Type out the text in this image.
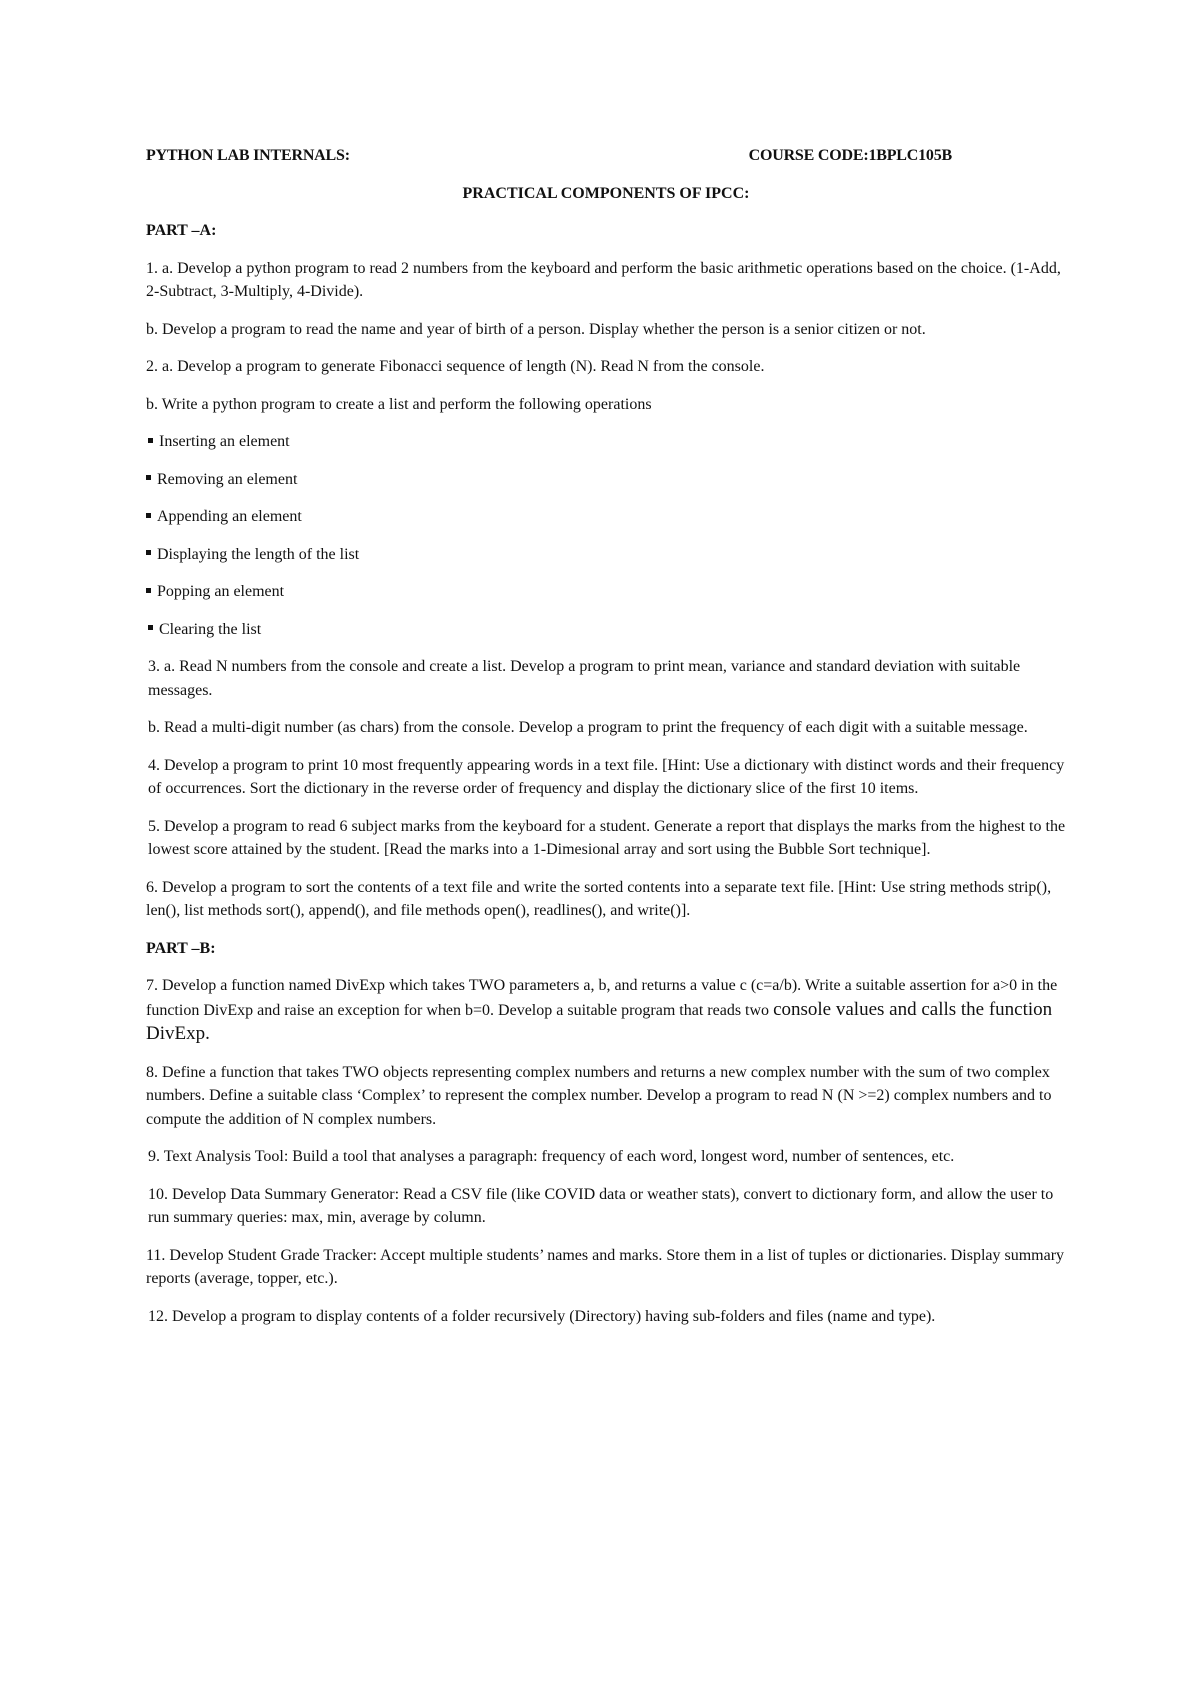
PYTHON LAB INTERNALS:	COURSE CODE:1BPLC105B
PRACTICAL COMPONENTS OF IPCC:
PART –A:

1. a. Develop a python program to read 2 numbers from the keyboard and perform the basic arithmetic operations based on the choice. (1-Add, 2-Subtract, 3-Multiply, 4-Divide).

b. Develop a program to read the name and year of birth of a person. Display whether the person is a senior citizen or not.

2. a. Develop a program to generate Fibonacci sequence of length (N). Read N from the console.

b. Write a python program to create a list and perform the following operations

Inserting an element
Removing an element
Appending an element
Displaying the length of the list
Popping an element
Clearing the list

3. a. Read N numbers from the console and create a list. Develop a program to print mean, variance and standard deviation with suitable messages.

b. Read a multi-digit number (as chars) from the console. Develop a program to print the frequency of each digit with a suitable message.

4. Develop a program to print 10 most frequently appearing words in a text file. [Hint: Use a dictionary with distinct words and their frequency of occurrences. Sort the dictionary in the reverse order of frequency and display the dictionary slice of the first 10 items.

5. Develop a program to read 6 subject marks from the keyboard for a student. Generate a report that displays the marks from the highest to the lowest score attained by the student. [Read the marks into a 1-Dimesional array and sort using the Bubble Sort technique].

6. Develop a program to sort the contents of a text file and write the sorted contents into a separate text file. [Hint: Use string methods strip(), len(), list methods sort(), append(), and file methods open(), readlines(), and write()].

PART –B:

7. Develop a function named DivExp which takes TWO parameters a, b, and returns a value c (c=a/b). Write a suitable assertion for a>0 in the function DivExp and raise an exception for when b=0. Develop a suitable program that reads two console values and calls the function DivExp.

8. Define a function that takes TWO objects representing complex numbers and returns a new complex number with the sum of two complex numbers. Define a suitable class ‘Complex’ to represent the complex number. Develop a program to read N (N >=2) complex numbers and to compute the addition of N complex numbers.

9. Text Analysis Tool: Build a tool that analyses a paragraph: frequency of each word, longest word, number of sentences, etc.

10. Develop Data Summary Generator: Read a CSV file (like COVID data or weather stats), convert to dictionary form, and allow the user to run summary queries: max, min, average by column.

11. Develop Student Grade Tracker: Accept multiple students’ names and marks. Store them in a list of tuples or dictionaries. Display summary reports (average, topper, etc.).

12. Develop a program to display contents of a folder recursively (Directory) having sub-folders and files (name and type).
